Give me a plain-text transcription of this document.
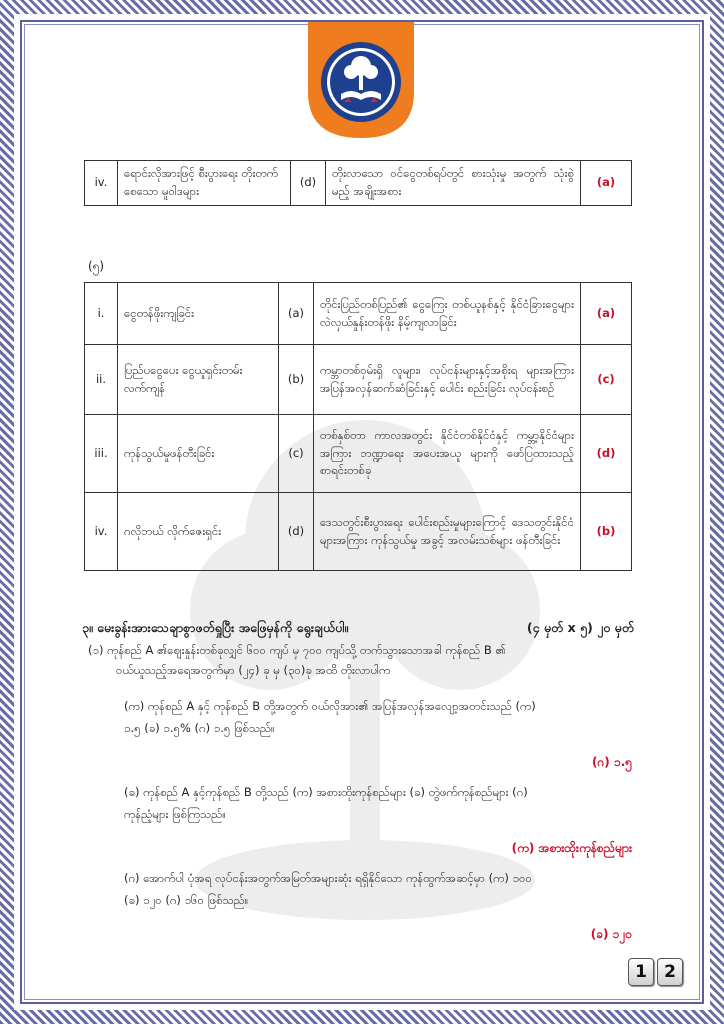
iv.	ရောင်းလိုအားဖြင့် စီးပွားရေး တိုးတက်စေသော မူဝါဒများ	(d)	တိုးလာသော ဝင်ငွေတစ်ရပ်တွင် စားသုံးမှု အတွက် သုံးစွဲမည့် အချိုးအစား	(a)
(၅)
i.	ငွေတန်ဖိုးကျခြင်း	(a)	တိုင်းပြည်တစ်ပြည်၏ ငွေကြေး တစ်ယူနစ်နှင့် နိုင်ငံခြားငွေများ လဲလှယ်နှုန်းတန်ဖိုး နိမ့်ကျလာခြင်း	(a)
ii.	ပြည်ပငွေပေး ငွေယူရှင်းတမ်းလက်ကျန်	(b)	ကမ္ဘာတစ်ဝှမ်းရှိ လူများ၊ လုပ်ငန်းများနှင့်အစိုးရ များအကြား အပြန်အလှန်ဆက်ဆံခြင်းနှင့် ပေါင်း စည်းခြင်း လုပ်ငန်းစဉ်	(c)
iii.	ကုန်သွယ်မှုဖန်တီးခြင်း	(c)	တစ်နှစ်တာ ကာလအတွင်း နိုင်ငံတစ်နိုင်ငံနှင့် ကမ္ဘာ့နိုင်ငံများအကြား ဘဏ္ဍာရေး အပေးအယူ များကို ဖော်ပြထားသည့် စာရင်းတစ်ခု	(d)
iv.	ဂလိုဘယ် လိုက်ဇေးရှင်း	(d)	ဒေသတွင်းစီးပွားရေး ပေါင်းစည်းမှုများကြောင့် ဒေသတွင်းနိုင်ငံများအကြား ကုန်သွယ်မှု အခွင့် အလမ်းသစ်များ ဖန်တီးခြင်း	(b)
၃။ မေးခွန်းအားသေချာစွာဖတ်ရှုပြီး အဖြေမှန်ကို ရွေးချယ်ပါ။	(၄ မှတ် x ၅) ၂၀ မှတ်
(၁) ကုန်စည် A ၏ဈေးနှုန်းတစ်ခုလျှင် ၆၀၀ ကျပ် မှ ၇၀၀ ကျပ်သို့ တက်သွားသောအခါ ကုန်စည် B ၏
ဝယ်ယူသည့်အရေအတွက်မှာ (၂၄) ခု မှ (၃၀)ခု အထိ တိုးလာပါက
(က) ကုန်စည် A နှင့် ကုန်စည် B တို့အတွက် ဝယ်လိုအား၏ အပြန်အလှန်အလျော့အတင်းသည် (က)
၁.၅ (ခ) ၁.၅% (ဂ) ၁.၅ ဖြစ်သည်။
(ဂ) ၁.၅
(ခ) ကုန်စည် A နှင့်ကုန်စည် B တို့သည် (က) အစားထိုးကုန်စည်များ (ခ) တွဲဖက်ကုန်စည်များ (ဂ)
ကုန်ညံ့များ ဖြစ်ကြသည်။
(က) အစားထိုးကုန်စည်များ
(ဂ) အောက်ပါ ပုံအရ လုပ်ငန်းအတွက်အမြတ်အများဆုံး ရရှိနိုင်သော ကုန်ထွက်အဆင့်မှာ (က) ၁၀၀
(ခ) ၁၂၀ (ဂ) ၁၆၀ ဖြစ်သည်။
(ခ) ၁၂၀
1	2
